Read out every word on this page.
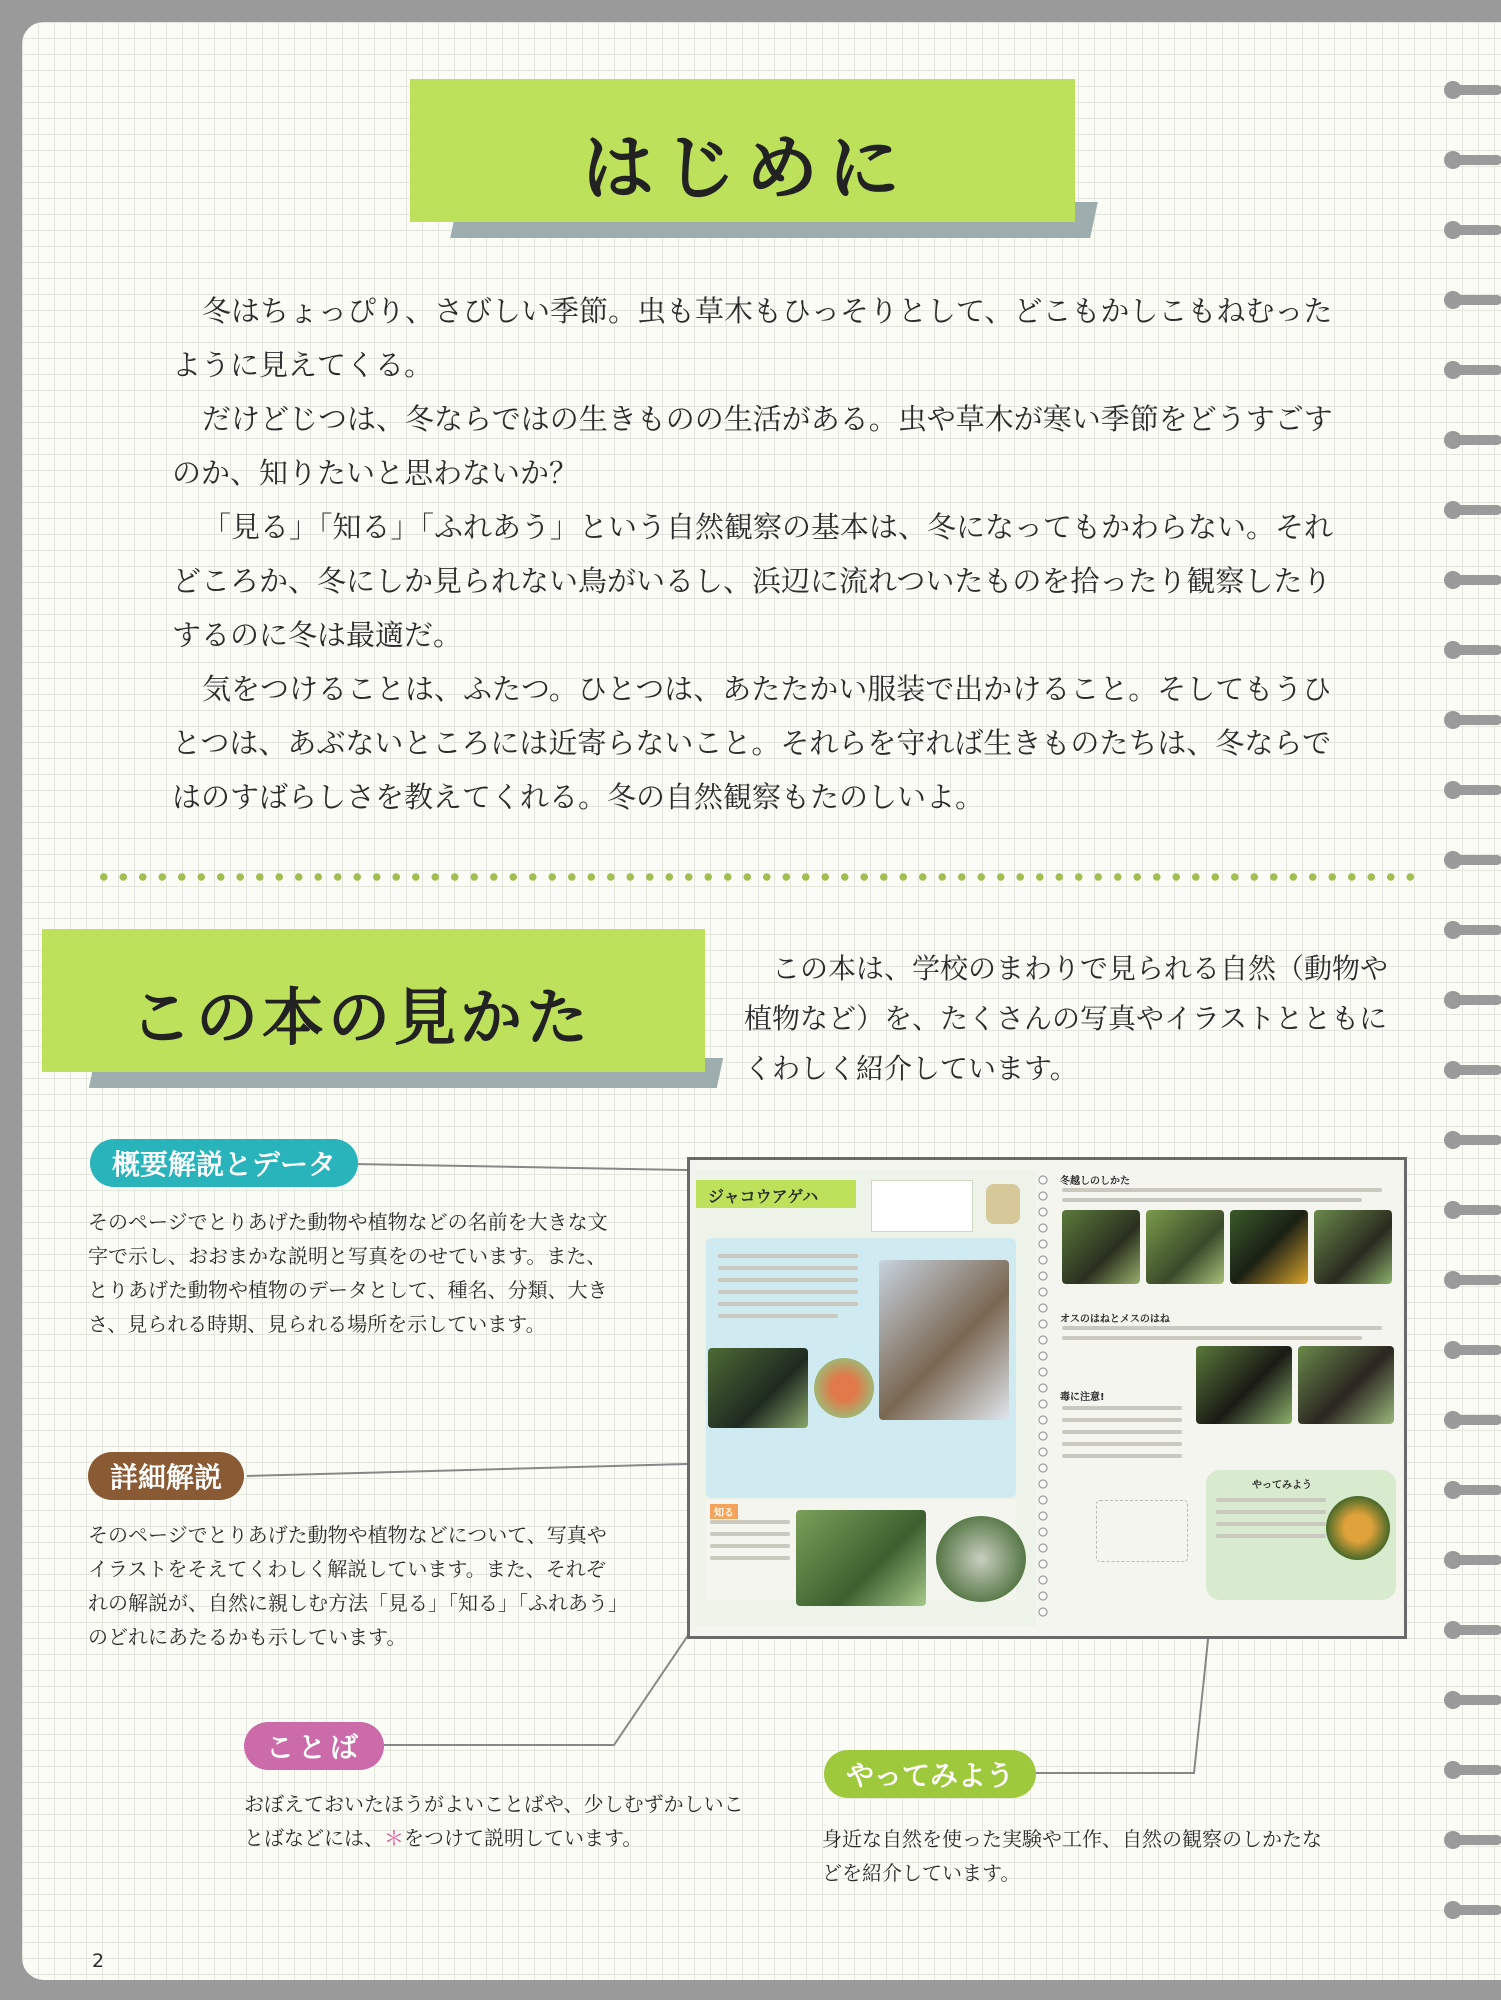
はじめに

冬はちょっぴり、さびしい季節。虫も草木もひっそりとして、どこもかしこもねむったように見えてくる。

だけどじつは、冬ならではの生きものの生活がある。虫や草木が寒い季節をどうすごすのか、知りたいと思わないか？

「見る」「知る」「ふれあう」という自然観察の基本は、冬になってもかわらない。それどころか、冬にしか見られない鳥がいるし、浜辺に流れついたものを拾ったり観察したりするのに冬は最適だ。

気をつけることは、ふたつ。ひとつは、あたたかい服装で出かけること。そしてもうひとつは、あぶないところには近寄らないこと。それらを守れば生きものたちは、冬ならではのすばらしさを教えてくれる。冬の自然観察もたのしいよ。

この本の見かた
この本は、学校のまわりで見られる自然（動物や植物など）を、たくさんの写真やイラストとともにくわしく紹介しています。
概要解説とデータ
そのページでとりあげた動物や植物などの名前を大きな文字で示し、おおまかな説明と写真をのせています。また、とりあげた動物や植物のデータとして、種名、分類、大きさ、見られる時期、見られる場所を示しています。
詳細解説
そのページでとりあげた動物や植物などについて、写真やイラストをそえてくわしく解説しています。また、それぞれの解説が、自然に親しむ方法「見る」「知る」「ふれあう」のどれにあたるかも示しています。
ことば
おぼえておいたほうがよいことばや、少しむずかしいことばなどには、＊をつけて説明しています。
やってみよう
身近な自然を使った実験や工作、自然の観察のしかたなどを紹介しています。
ジャコウアゲハ
知る
冬越しのしかた
オスのはねとメスのはね
毒に注意!
やってみよう
2
